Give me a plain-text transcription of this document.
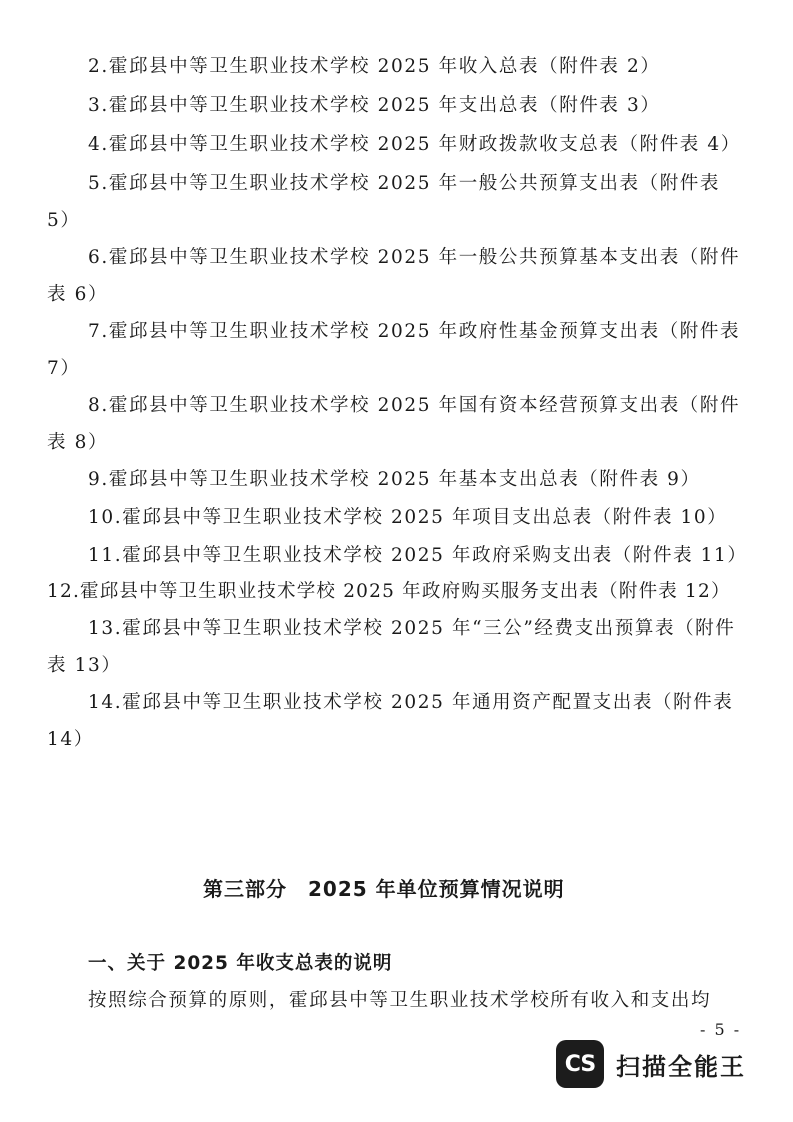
2.霍邱县中等卫生职业技术学校 2025 年收入总表（附件表 2）

3.霍邱县中等卫生职业技术学校 2025 年支出总表（附件表 3）

4.霍邱县中等卫生职业技术学校 2025 年财政拨款收支总表（附件表 4）

5.霍邱县中等卫生职业技术学校 2025 年一般公共预算支出表（附件表

5）

6.霍邱县中等卫生职业技术学校 2025 年一般公共预算基本支出表（附件

表 6）

7.霍邱县中等卫生职业技术学校 2025 年政府性基金预算支出表（附件表

7）

8.霍邱县中等卫生职业技术学校 2025 年国有资本经营预算支出表（附件

表 8）

9.霍邱县中等卫生职业技术学校 2025 年基本支出总表（附件表 9）

10.霍邱县中等卫生职业技术学校 2025 年项目支出总表（附件表 10）

11.霍邱县中等卫生职业技术学校 2025 年政府采购支出表（附件表 11）

12.霍邱县中等卫生职业技术学校 2025 年政府购买服务支出表（附件表 12）

13.霍邱县中等卫生职业技术学校 2025 年“三公”经费支出预算表（附件

表 13）

14.霍邱县中等卫生职业技术学校 2025 年通用资产配置支出表（附件表

14）

第三部分　2025 年单位预算情况说明

一、关于 2025 年收支总表的说明

按照综合预算的原则，霍邱县中等卫生职业技术学校所有收入和支出均

- 5 -

CS 扫描全能王
